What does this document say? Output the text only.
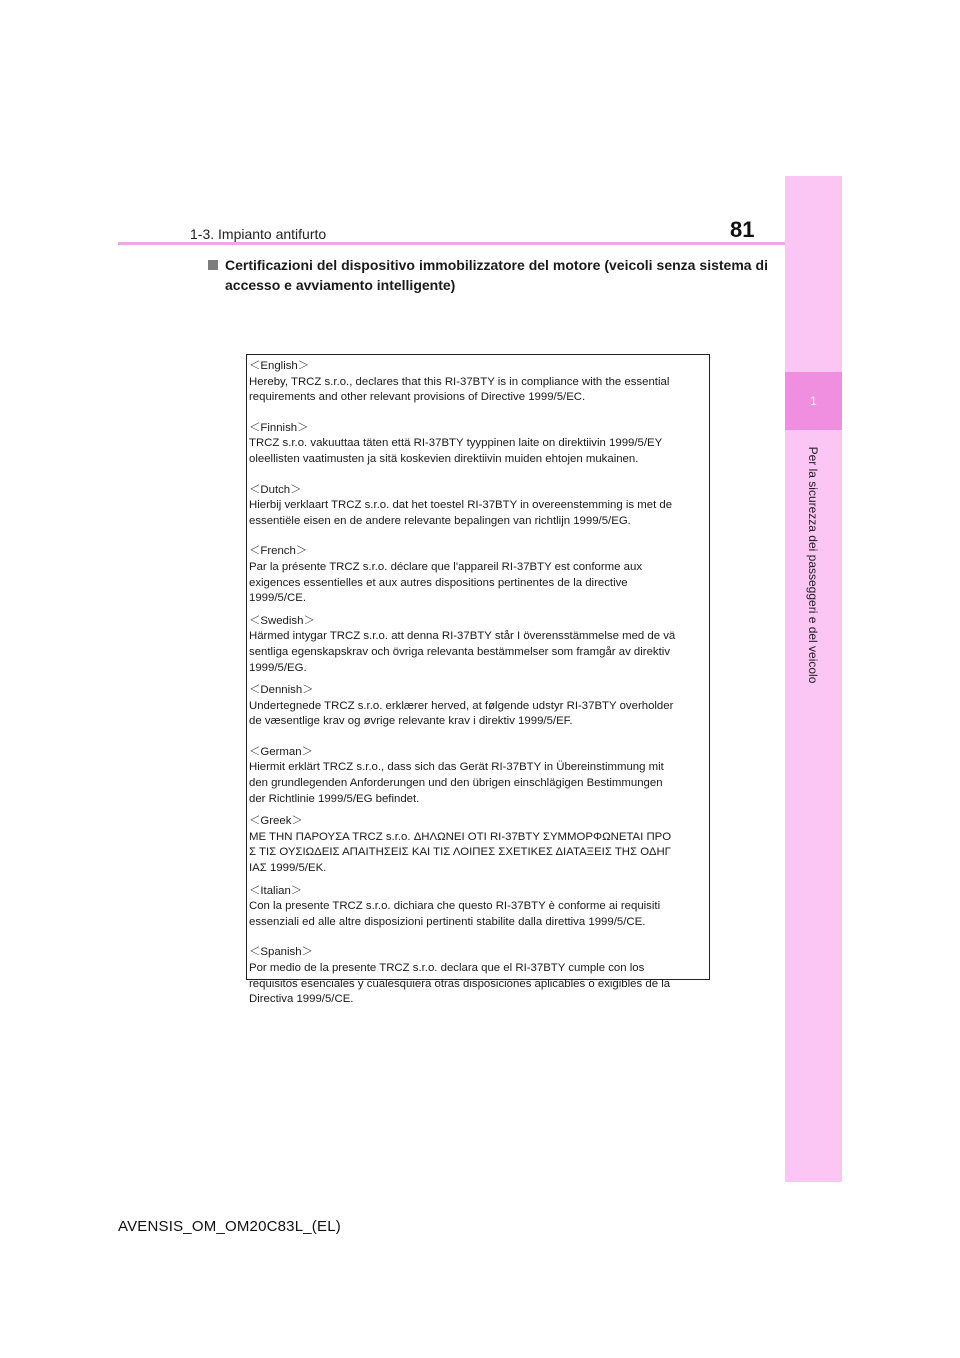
1-3. Impianto antifurto	81
1
Per la sicurezza dei passeggeri e del veicolo
Certificazioni del dispositivo immobilizzatore del motore (veicoli senza sistema di accesso e avviamento intelligente)
＜English＞
Hereby, TRCZ s.r.o., declares that this RI-37BTY is in compliance with the essential
requirements and other relevant provisions of Directive 1999/5/EC.
＜Finnish＞
TRCZ s.r.o. vakuuttaa täten että RI-37BTY tyyppinen laite on direktiivin 1999/5/EY
oleellisten vaatimusten ja sitä koskevien direktiivin muiden ehtojen mukainen.
＜Dutch＞
Hierbij verklaart TRCZ s.r.o. dat het toestel RI-37BTY in overeenstemming is met de
essentiële eisen en de andere relevante bepalingen van richtlijn 1999/5/EG.
＜French＞
Par la présente TRCZ s.r.o. déclare que l'appareil RI-37BTY est conforme aux
exigences essentielles et aux autres dispositions pertinentes de la directive
1999/5/CE.
＜Swedish＞
Härmed intygar TRCZ s.r.o. att denna RI-37BTY står I överensstämmelse med de vä
sentliga egenskapskrav och övriga relevanta bestämmelser som framgår av direktiv
1999/5/EG.
＜Dennish＞
Undertegnede TRCZ s.r.o. erklærer herved, at følgende udstyr RI-37BTY overholder
de væsentlige krav og øvrige relevante krav i direktiv 1999/5/EF.
＜German＞
Hiermit erklärt TRCZ s.r.o., dass sich das Gerät RI-37BTY in Übereinstimmung mit
den grundlegenden Anforderungen und den übrigen einschlägigen Bestimmungen
der Richtlinie 1999/5/EG befindet.
＜Greek＞
ΜΕ ΤΗΝ ΠΑΡΟΥΣΑ TRCZ s.r.o. ΔΗΛΩΝΕΙ ΟΤΙ RI-37BTY ΣΥΜΜΟΡΦΩΝΕΤΑΙ ΠΡΟ
Σ ΤΙΣ ΟΥΣΙΩΔΕΙΣ ΑΠΑΙΤΗΣΕΙΣ ΚΑΙ ΤΙΣ ΛΟΙΠΕΣ ΣΧΕΤΙΚΕΣ ΔΙΑΤΑΞΕΙΣ ΤΗΣ ΟΔΗΓ
ΙΑΣ 1999/5/ΕΚ.
＜Italian＞
Con la presente TRCZ s.r.o. dichiara che questo RI-37BTY è conforme ai requisiti
essenziali ed alle altre disposizioni pertinenti stabilite dalla direttiva 1999/5/CE.
＜Spanish＞
Por medio de la presente TRCZ s.r.o. declara que el RI-37BTY cumple con los
requisitos esenciales y cualesquiera otras disposiciones aplicables o exigibles de la
Directiva 1999/5/CE.
AVENSIS_OM_OM20C83L_(EL)
